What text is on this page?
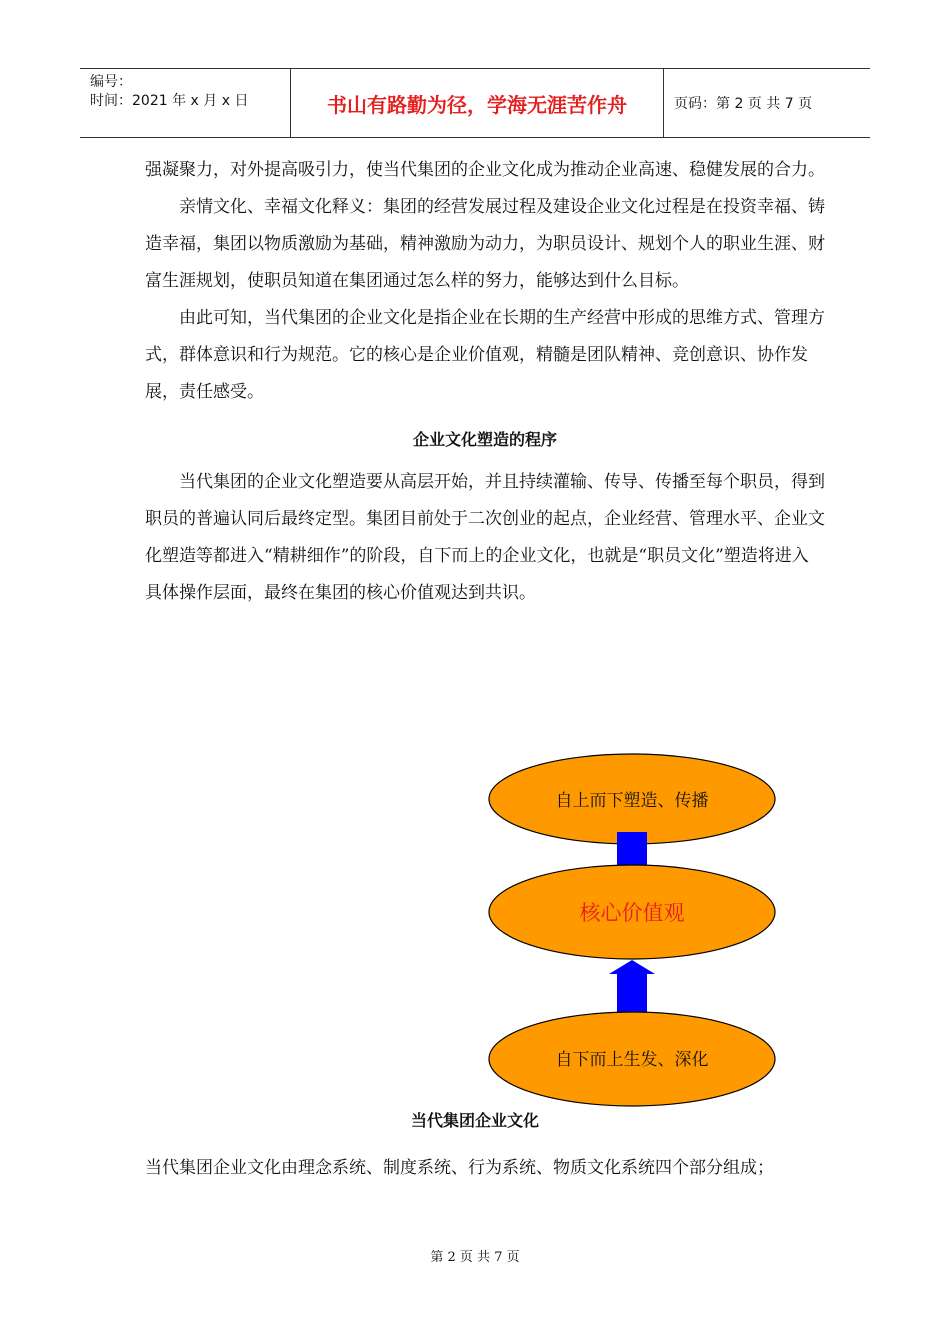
编号：
时间：2021 年 x 月 x 日	书山有路勤为径，学海无涯苦作舟	页码：第 2 页 共 7 页

强凝聚力，对外提高吸引力，使当代集团的企业文化成为推动企业高速、稳健发展的合力。

亲情文化、幸福文化释义：集团的经营发展过程及建设企业文化过程是在投资幸福、铸造幸福，集团以物质激励为基础，精神激励为动力，为职员设计、规划个人的职业生涯、财富生涯规划，使职员知道在集团通过怎么样的努力，能够达到什么目标。

由此可知，当代集团的企业文化是指企业在长期的生产经营中形成的思维方式、管理方式，群体意识和行为规范。它的核心是企业价值观，精髓是团队精神、竞创意识、协作发展，责任感受。

企业文化塑造的程序

当代集团的企业文化塑造要从高层开始，并且持续灌输、传导、传播至每个职员，得到职员的普遍认同后最终定型。集团目前处于二次创业的起点，企业经营、管理水平、企业文化塑造等都进入“精耕细作”的阶段，自下而上的企业文化，也就是“职员文化”塑造将进入具体操作层面，最终在集团的核心价值观达到共识。

自上而下塑造、传播
核心价值观
自下而上生发、深化
当代集团企业文化

当代集团企业文化由理念系统、制度系统、行为系统、物质文化系统四个部分组成；

第 2 页 共 7 页
